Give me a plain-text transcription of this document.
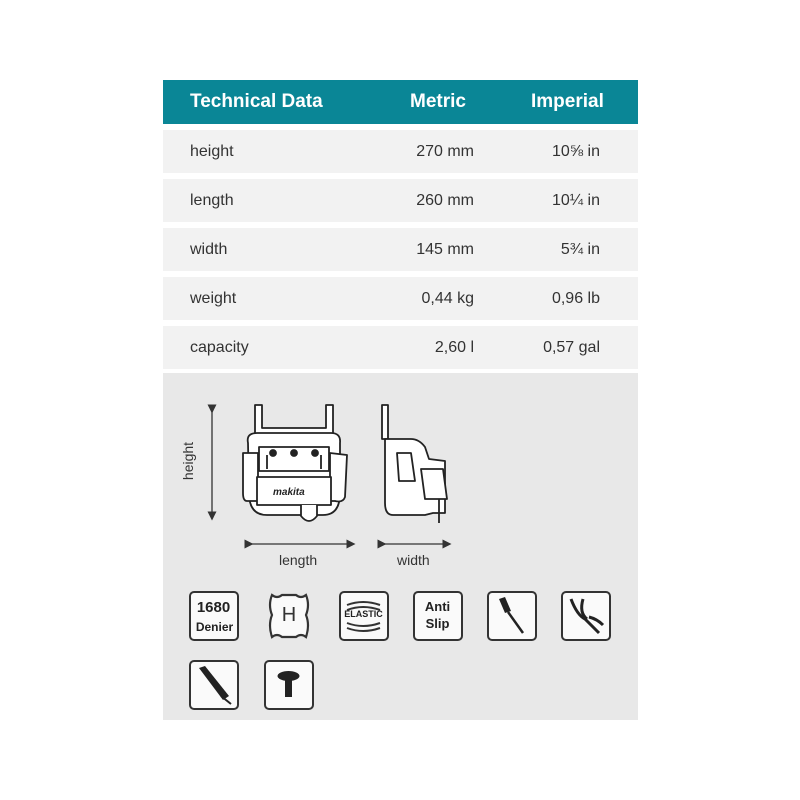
Technical Data	Metric	Imperial
height	270 mm	10⅝ in
length	260 mm	10¼ in
width	145 mm	5¾ in
weight	0,44 kg	0,96 lb
capacity	2,60 l	0,57 gal
height
length	width
makita
1680
Denier
H	ELASTIC	Anti
Slip
